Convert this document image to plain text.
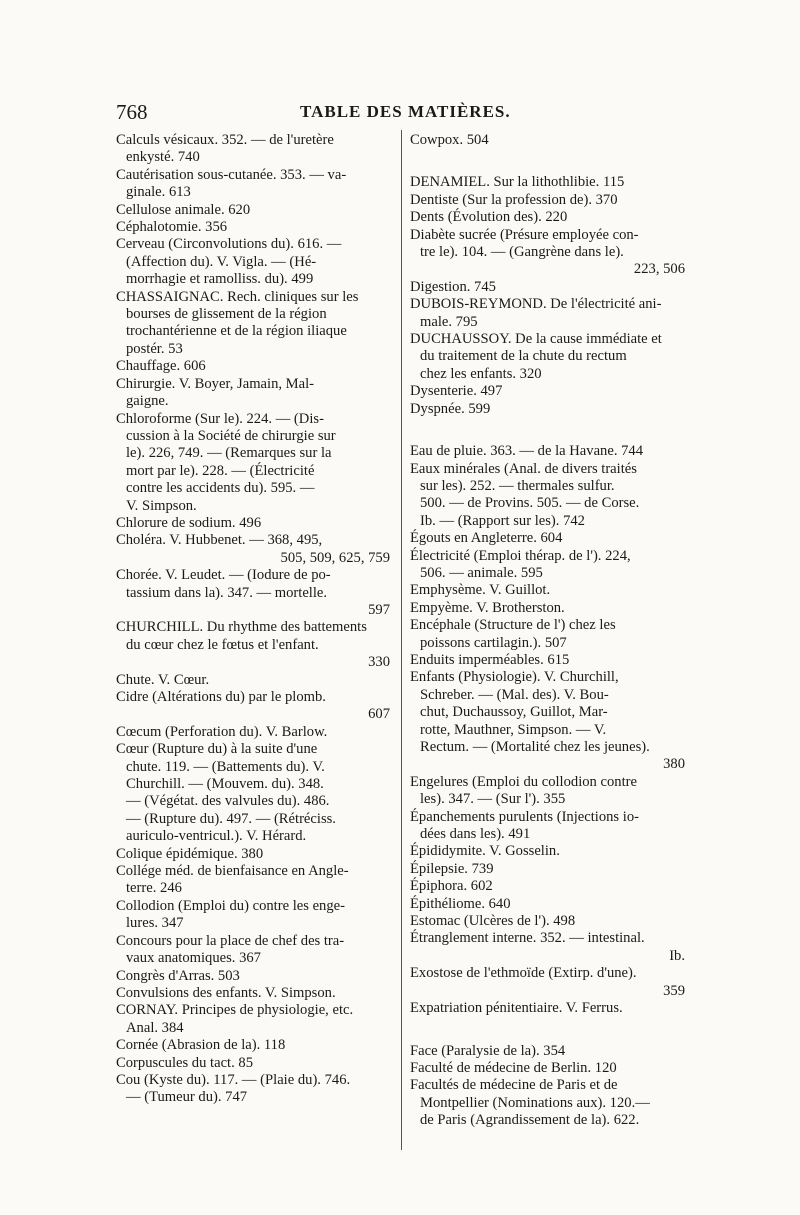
768	TABLE DES MATIÈRES.
Calculs vésicaux. 352. — de l'uretère
enkysté. 740
Cautérisation sous-cutanée. 353. — va-
ginale. 613
Cellulose animale. 620
Céphalotomie. 356
Cerveau (Circonvolutions du). 616. —
(Affection du). V. Vigla. — (Hé-
morrhagie et ramolliss. du). 499
CHASSAIGNAC. Rech. cliniques sur les
bourses de glissement de la région
trochantérienne et de la région iliaque
postér. 53
Chauffage. 606
Chirurgie. V. Boyer, Jamain, Mal-
gaigne.
Chloroforme (Sur le). 224. — (Dis-
cussion à la Société de chirurgie sur
le). 226, 749. — (Remarques sur la
mort par le). 228. — (Électricité
contre les accidents du). 595. —
V. Simpson.
Chlorure de sodium. 496
Choléra. V. Hubbenet. — 368, 495,
505, 509, 625, 759
Chorée. V. Leudet. — (Iodure de po-
tassium dans la). 347. — mortelle.
597
CHURCHILL. Du rhythme des battements
du cœur chez le fœtus et l'enfant.
330
Chute. V. Cœur.
Cidre (Altérations du) par le plomb.
607
Cœcum (Perforation du). V. Barlow.
Cœur (Rupture du) à la suite d'une
chute. 119. — (Battements du). V.
Churchill. — (Mouvem. du). 348.
— (Végétat. des valvules du). 486.
— (Rupture du). 497. — (Rétréciss.
auriculo-ventricul.). V. Hérard.
Colique épidémique. 380
Collége méd. de bienfaisance en Angle-
terre. 246
Collodion (Emploi du) contre les enge-
lures. 347
Concours pour la place de chef des tra-
vaux anatomiques. 367
Congrès d'Arras. 503
Convulsions des enfants. V. Simpson.
CORNAY. Principes de physiologie, etc.
Anal. 384
Cornée (Abrasion de la). 118
Corpuscules du tact. 85
Cou (Kyste du). 117. — (Plaie du). 746.
— (Tumeur du). 747
Cowpox. 504
DENAMIEL. Sur la lithothlibie. 115
Dentiste (Sur la profession de). 370
Dents (Évolution des). 220
Diabète sucrée (Présure employée con-
tre le). 104. — (Gangrène dans le).
223, 506
Digestion. 745
DUBOIS-REYMOND. De l'électricité ani-
male. 795
DUCHAUSSOY. De la cause immédiate et
du traitement de la chute du rectum
chez les enfants. 320
Dysenterie. 497
Dyspnée. 599
Eau de pluie. 363. — de la Havane. 744
Eaux minérales (Anal. de divers traités
sur les). 252. — thermales sulfur.
500. — de Provins. 505. — de Corse.
Ib. — (Rapport sur les). 742
Égouts en Angleterre. 604
Électricité (Emploi thérap. de l'). 224,
506. — animale. 595
Emphysème. V. Guillot.
Empyème. V. Brotherston.
Encéphale (Structure de l') chez les
poissons cartilagin.). 507
Enduits imperméables. 615
Enfants (Physiologie). V. Churchill,
Schreber. — (Mal. des). V. Bou-
chut, Duchaussoy, Guillot, Mar-
rotte, Mauthner, Simpson. — V.
Rectum. — (Mortalité chez les jeunes).
380
Engelures (Emploi du collodion contre
les). 347. — (Sur l'). 355
Épanchements purulents (Injections io-
dées dans les). 491
Épididymite. V. Gosselin.
Épilepsie. 739
Épiphora. 602
Épithéliome. 640
Estomac (Ulcères de l'). 498
Étranglement interne. 352. — intestinal.
Ib.
Exostose de l'ethmoïde (Extirp. d'une).
359
Expatriation pénitentiaire. V. Ferrus.
Face (Paralysie de la). 354
Faculté de médecine de Berlin. 120
Facultés de médecine de Paris et de
Montpellier (Nominations aux). 120.—
de Paris (Agrandissement de la). 622.
